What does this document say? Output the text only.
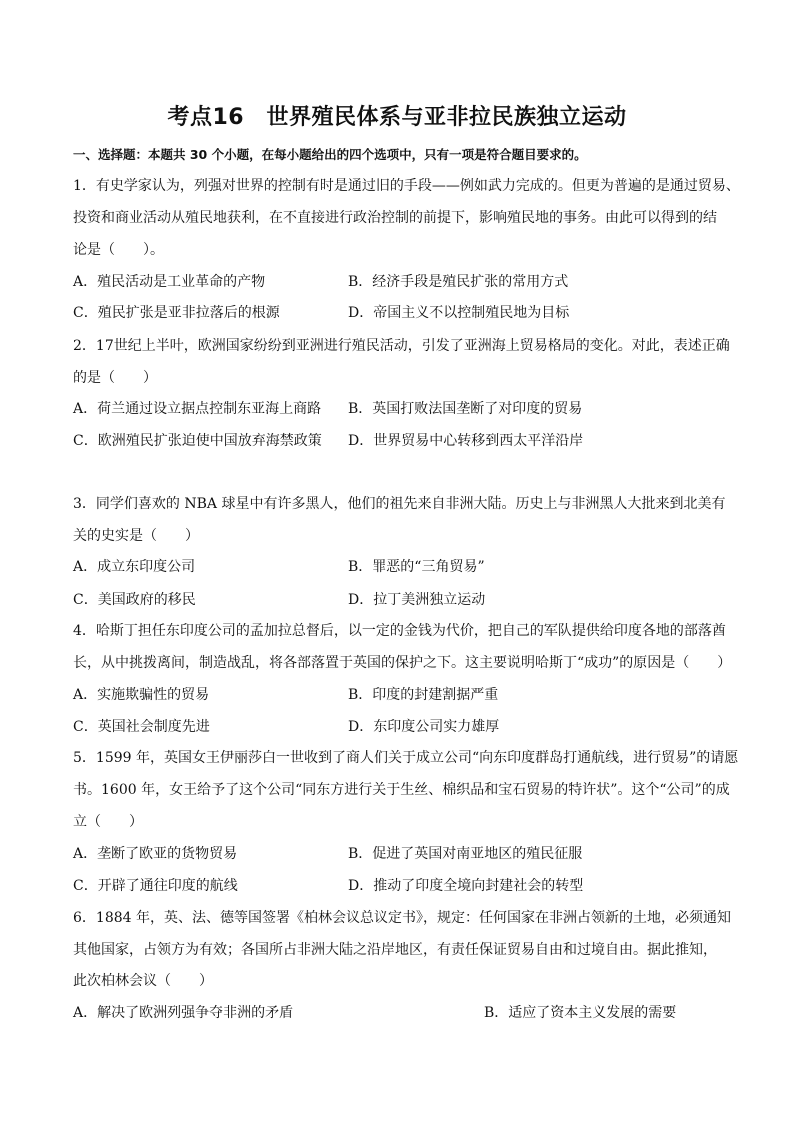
考点16　世界殖民体系与亚非拉民族独立运动
一、选择题：本题共 30 个小题，在每小题给出的四个选项中，只有一项是符合题目要求的。
1．有史学家认为，列强对世界的控制有时是通过旧的手段——例如武力完成的。但更为普遍的是通过贸易、
投资和商业活动从殖民地获利，在不直接进行政治控制的前提下，影响殖民地的事务。由此可以得到的结
论是（　　）。
A．殖民活动是工业革命的产物	B．经济手段是殖民扩张的常用方式
C．殖民扩张是亚非拉落后的根源	D．帝国主义不以控制殖民地为目标
2．17世纪上半叶，欧洲国家纷纷到亚洲进行殖民活动，引发了亚洲海上贸易格局的变化。对此，表述正确
的是（　　）
A．荷兰通过设立据点控制东亚海上商路 B．英国打败法国垄断了对印度的贸易
C．欧洲殖民扩张迫使中国放弃海禁政策 D．世界贸易中心转移到西太平洋沿岸
3．同学们喜欢的 NBA 球星中有许多黑人，他们的祖先来自非洲大陆。历史上与非洲黑人大批来到北美有
关的史实是（　　）
A．成立东印度公司	B．罪恶的“三角贸易”
C．美国政府的移民	D．拉丁美洲独立运动
4．哈斯丁担任东印度公司的孟加拉总督后，以一定的金钱为代价，把自己的军队提供给印度各地的部落酋
长，从中挑拨离间，制造战乱，将各部落置于英国的保护之下。这主要说明哈斯丁“成功”的原因是（　　）
A．实施欺骗性的贸易	B．印度的封建割据严重
C．英国社会制度先进	D．东印度公司实力雄厚
5．1599 年，英国女王伊丽莎白一世收到了商人们关于成立公司“向东印度群岛打通航线，进行贸易”的请愿
书。1600 年，女王给予了这个公司“同东方进行关于生丝、棉织品和宝石贸易的特许状”。这个“公司”的成
立（　　）
A．垄断了欧亚的货物贸易	B．促进了英国对南亚地区的殖民征服
C．开辟了通往印度的航线	D．推动了印度全境向封建社会的转型
6．1884 年，英、法、德等国签署《柏林会议总议定书》，规定：任何国家在非洲占领新的土地，必须通知
其他国家，占领方为有效；各国所占非洲大陆之沿岸地区，有责任保证贸易自由和过境自由。据此推知，
此次柏林会议（　　）
A．解决了欧洲列强争夺非洲的矛盾	B．适应了资本主义发展的需要
